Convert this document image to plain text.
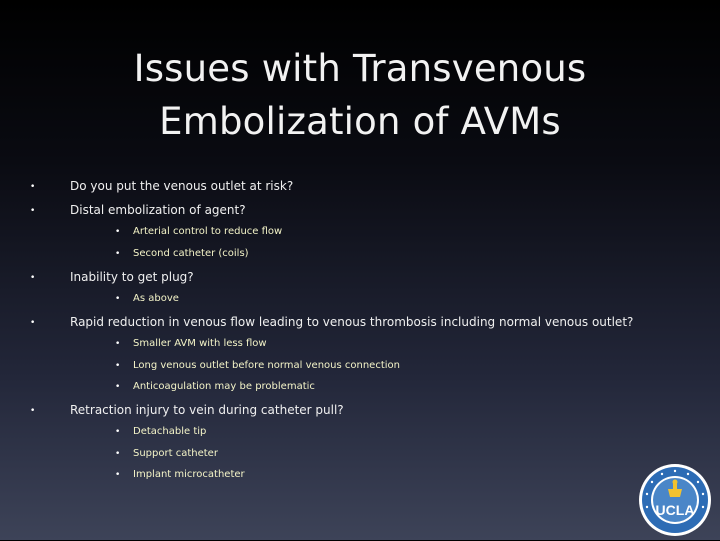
Issues with Transvenous
Embolization of AVMs
•	Do you put the venous outlet at risk?
•	Distal embolization of agent?
• Arterial control to reduce flow
• Second catheter (coils)
•	Inability to get plug?
• As above
•	Rapid reduction in venous flow leading to venous thrombosis including normal venous outlet?
• Smaller AVM with less flow
• Long venous outlet before normal venous connection
• Anticoagulation may be problematic
•	Retraction injury to vein during catheter pull?
• Detachable tip
• Support catheter
• Implant microcatheter
UCLA
